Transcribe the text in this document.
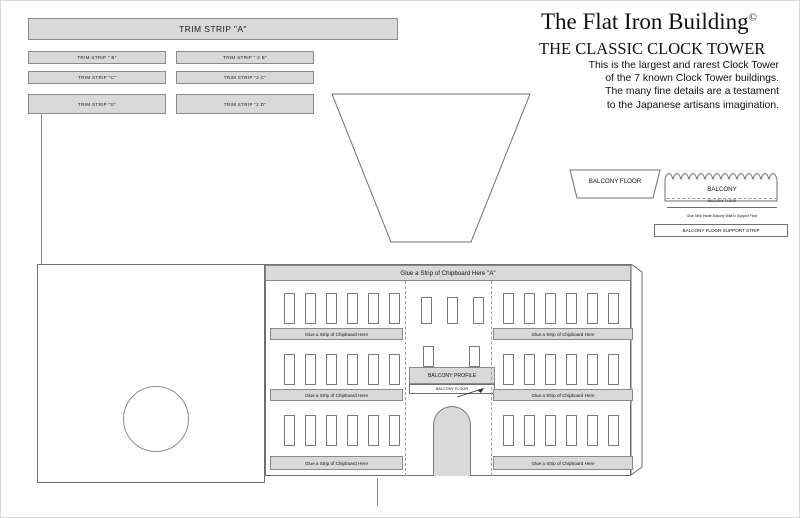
The Flat Iron Building©
THE CLASSIC CLOCK TOWER
This is the largest and rarest Clock Tower
of the 7 known Clock Tower buildings.
The many fine details are a testament
to the Japanese artisans imagination.
TRIM STRIP "A"
TRIM STRIP " B"	TRIM STRIP " 2 B"
TRIM STRIP "C"	TRIM STRIP "2 C"
TRIM STRIP "D"	TRIM STRIP "2 D"
BALCONY FLOOR
BALCONY
BALCONY FLOOR
Glue Strip Inside Balcony Wall to Support Floor
BALCONY FLOOR SUPPORT STRIP
Glue a Strip of Chipboard Here "A"
Glue a Strip of Chipboard Here	Glue a Strip of Chipboard Here
BALCONY PROFILE
BALCONY FLOOR
Glue a Strip of Chipboard Here	Glue a Strip of Chipboard Here
Glue a Strip of Chipboard Here	Glue a Strip of Chipboard Here
